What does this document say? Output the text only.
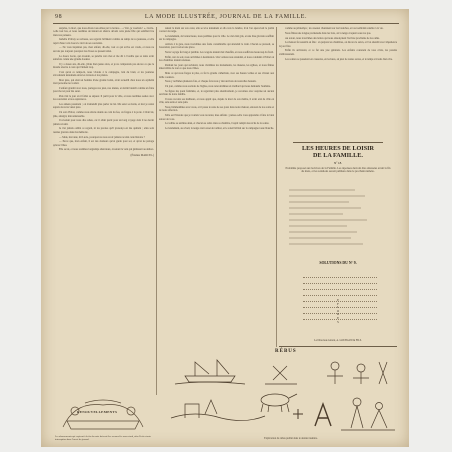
98	LA MODE ILLUSTRÉE, JOURNAL DE LA FAMILLE.

surprise, la mort, que nous étions tous émus par la lecture… « Voir, je voudrais ! », s'écria-t-elle tout bas, et nous restâmes un instant en silence devant cette jeune fille qui semblait lire dans nos pensées.

Isabelle d'Orsay se redressa, ses regards brillaient comme au temps de sa jeunesse, et elle reprit d'une voix douce le récit de ses souvenirs.

— Ne vous inquiétez pas, mon enfant, dit-elle, tout ce qui arrive est voulu, et nous ne savons pas toujours pourquoi les choses se passent ainsi.

La douce Lucie, qui écoutait, se pencha vers moi et me dit à l'oreille que sa tante avait autrefois connu une grande douleur.

Il y a douze ans, dit-elle, j'étais bien jeune alors, et je ne comprenais pas encore ce que le monde réserve à ceux qui l'aiment trop.

C'est qu'en ce temps-là, nous vivions à la campagne, loin du bruit, et les journées s'écoulaient lentement entre les travaux et les prières.

Mon père, qui était un homme d'une grande bonté, avait recueilli chez nous un orphelin dont personne ne voulait.

L'enfant grandit avec nous, partagea nos jeux, nos études, et devint bientôt comme un frère pour moi et pour ma sœur.

Puis vint le jour où il fallut se séparer. Il partit pour la ville, et nous restâmes seules avec nos souvenirs et nos espérances.

Les années passèrent ; on n'entendit plus parler de lui. Ma sœur se maria, et moi je restai auprès de notre vieux père.

Un soir d'hiver, comme nous étions réunis au coin du feu, on frappa à la porte. C'était lui, pâle, amaigri, méconnaissable.

Il revenait pour nous dire adieu, car il allait partir pour un long voyage dont il ne devait jamais revenir.

Je n'ai jamais oublié ce regard, ni les paroles qu'il prononça en me quittant ; elles sont restées gravées dans ma mémoire.

— Mais, ma tante, dit Lucie, pourquoi ne nous avoir jamais raconté cette histoire ?

— Parce que, mon enfant, il est des douleurs qu'on garde pour soi, et qu'on ne partage qu'avec Dieu.

Elle se tut, et nous restâmes longtemps silencieux, écoutant le vent qui gémissait au dehors.

(Étienne MARCEL.)

tenant la main sur son cœur, elle se leva lentement et alla vers la fenêtre, d'où l'on apercevait le jardin couvert de neige.

Le lendemain, de bonne heure, nous partîmes pour la ville. Le ciel était gris, et une bise glaciale soufflait sur la campagne.

Arrivés à la gare, nous trouvâmes une foule considérable qui attendait le train. Chacun se pressait, se bousculait, pour trouver une place.

Notre voyage fut long et pénible. Les wagons étaient mal chauffés, et nous souffrions beaucoup du froid.

Enfin, vers le soir, nous arrivâmes à destination. Une voiture nous attendait, et nous conduisit à l'hôtel où nos chambres étaient retenues.

Pendant les jours qui suivirent, nous visitâmes les monuments, les musées, les églises, et nous fûmes émerveillés de tout ce que nous vîmes.

Mais ce qui nous frappa le plus, ce fut la grande cathédrale, avec ses hautes voûtes et ses vitraux aux mille couleurs.

Nous y revînmes plusieurs fois, et chaque fois nous y découvrions de nouvelles beautés.

Un jour, comme nous sortions de l'église, nous rencontrâmes un vieillard qui nous demanda l'aumône.

Sa figure me parut familière, et, le regardant plus attentivement, je reconnus avec surprise un ancien serviteur de notre famille.

Il nous raconta ses malheurs, et nous apprit que, depuis la mort de son maître, il avait erré de ville en ville, sans asile et sans pain.

Nous l'emmenâmes avec nous, et il passa le reste de ses jours dans notre maison, entouré de nos soins et de notre affection.

Telle est l'histoire que je voulais vous raconter, mes enfants ; puisse-t-elle vous apprendre à faire le bien autour de vous.

La veillée se termina ainsi, et chacun se retira dans sa chambre, l'esprit rempli des récits de la soirée.

Le lendemain, au réveil, la neige avait cessé de tomber, et le soleil brillait sur la campagne toute blanche.

comme au printemps ; les oiseaux chantaient sur les branches, et tout semblait renaître à la vie.

Nous fîmes une longue promenade dans les bois, où la neige craquait sous nos pas.

Au retour, nous trouvâmes des lettres qui nous annonçaient l'arrivée prochaine de nos amis.

La maison fut aussitôt en fête : on prépara les chambres, on décora le salon, et l'on attendit avec impatience le jour fixé.

Enfin ils arrivèrent, et ce fut une joie générale. Les enfants couraient de tous côtés, les parents s'embrassaient.

Les soirées se passèrent en causeries, en lectures, en jeux de toutes sortes, et le temps s'écoula bien vite.

LES HEURES DE LOISIR
DE LA FAMILLE.
Nº 18.
Problème proposé aux lectrices de la Famille. Les réponses devront être adressées avant la fin du mois, et les solutions seront publiées dans le prochain numéro.
SOLUTIONS DU Nº 9.
E
F
L
O
R
E
S
Le Directeur-Gérant, A. GOUBAUD & FILS.
RÉBUS
Explication du rébus publié dans le dernier numéro.
RENOUVELLEMENTS
Les abonnements qui expirent à la fin du mois doivent être renouvelés sans retard, afin d'éviter toute interruption dans l'envoi du journal.
